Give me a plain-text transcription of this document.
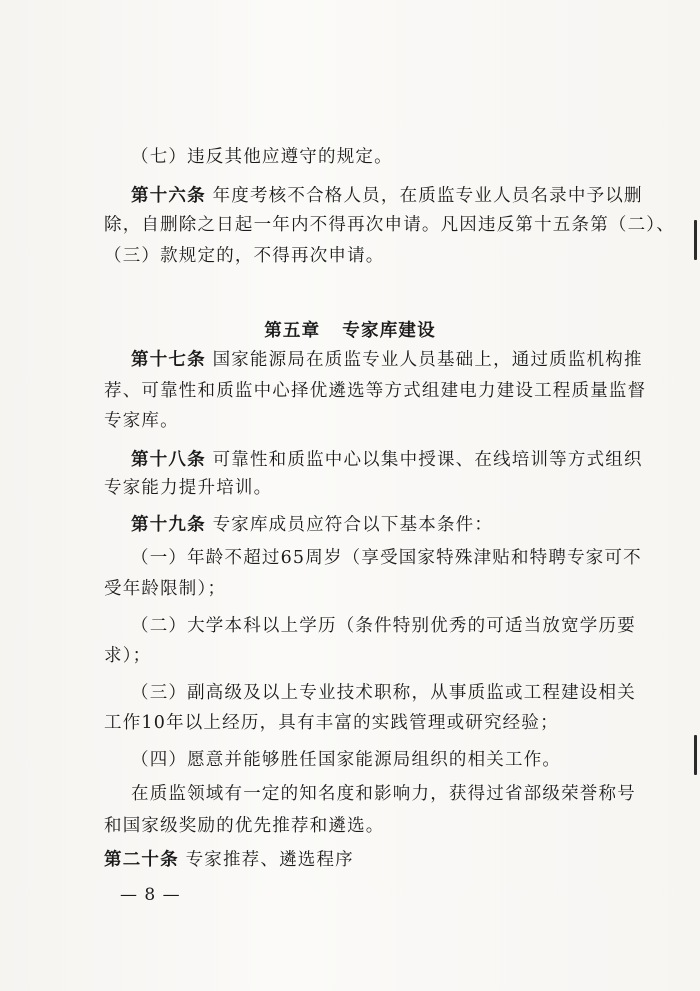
（七）违反其他应遵守的规定。
第十六条 年度考核不合格人员，在质监专业人员名录中予以删
除，自删除之日起一年内不得再次申请。凡因违反第十五条第（二）、
（三）款规定的，不得再次申请。
第五章 专家库建设
第十七条 国家能源局在质监专业人员基础上，通过质监机构推
荐、可靠性和质监中心择优遴选等方式组建电力建设工程质量监督
专家库。
第十八条 可靠性和质监中心以集中授课、在线培训等方式组织
专家能力提升培训。
第十九条 专家库成员应符合以下基本条件：
（一）年龄不超过65周岁（享受国家特殊津贴和特聘专家可不
受年龄限制）；
（二）大学本科以上学历（条件特别优秀的可适当放宽学历要
求）；
（三）副高级及以上专业技术职称，从事质监或工程建设相关
工作10年以上经历，具有丰富的实践管理或研究经验；
（四）愿意并能够胜任国家能源局组织的相关工作。
在质监领域有一定的知名度和影响力，获得过省部级荣誉称号
和国家级奖励的优先推荐和遴选。
第二十条 专家推荐、遴选程序
— 8 —
